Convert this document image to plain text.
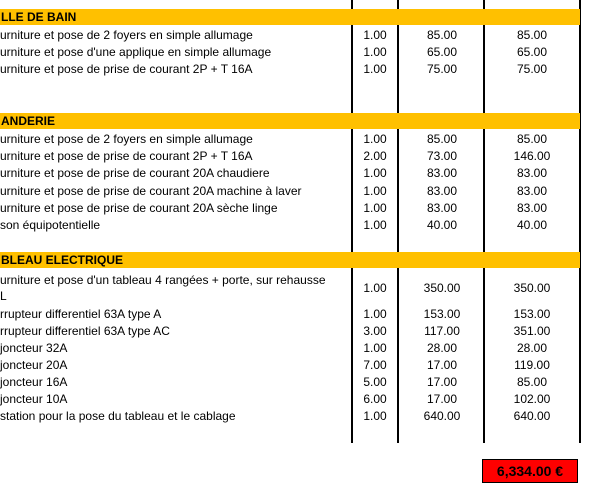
LLE DE BAIN
urniture et pose de 2 foyers en simple allumage	1.00	85.00	85.00
urniture et pose d'une applique en simple allumage	1.00	65.00	65.00
urniture et pose de prise de courant 2P + T 16A	1.00	75.00	75.00
ANDERIE
urniture et pose de 2 foyers en simple allumage	1.00	85.00	85.00
urniture et pose de prise de courant 2P + T 16A	2.00	73.00	146.00
urniture et pose de prise de courant 20A chaudiere	1.00	83.00	83.00
urniture et pose de prise de courant 20A machine à laver	1.00	83.00	83.00
urniture et pose de prise de courant 20A sèche linge	1.00	83.00	83.00
son équipotentielle	1.00	40.00	40.00
BLEAU ELECTRIQUE
urniture et pose d'un tableau 4 rangées + porte, sur rehausse
L
1.00	350.00	350.00
rrupteur differentiel 63A type A	1.00	153.00	153.00
rrupteur differentiel 63A type AC	3.00	117.00	351.00
joncteur 32A	1.00	28.00	28.00
joncteur 20A	7.00	17.00	119.00
joncteur 16A	5.00	17.00	85.00
joncteur 10A	6.00	17.00	102.00
station pour la pose du tableau et le cablage	1.00	640.00	640.00
6,334.00 €
